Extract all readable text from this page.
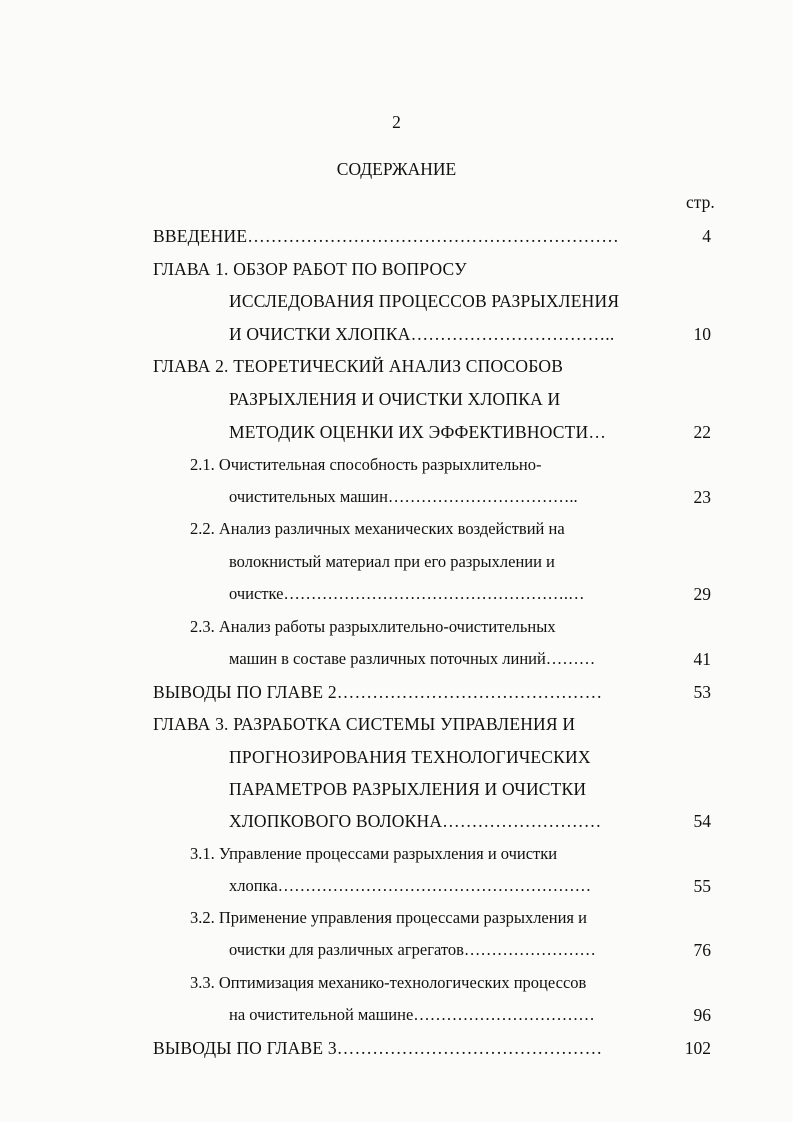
2
СОДЕРЖАНИЕ
стр.
ВВЕДЕНИЕ………………………………………………………	4
ГЛАВА 1. ОБЗОР РАБОТ ПО ВОПРОСУ
ИССЛЕДОВАНИЯ ПРОЦЕССОВ РАЗРЫХЛЕНИЯ
И ОЧИСТКИ ХЛОПКА……………………………..	10
ГЛАВА 2. ТЕОРЕТИЧЕСКИЙ АНАЛИЗ СПОСОБОВ
РАЗРЫХЛЕНИЯ И ОЧИСТКИ ХЛОПКА И
МЕТОДИК ОЦЕНКИ ИХ ЭФФЕКТИВНОСТИ…	22
2.1. Очистительная способность разрыхлительно-
очистительных машин……………………………..	23
2.2. Анализ различных механических воздействий на
волокнистый материал при его разрыхлении и
очистке…………………………………………….…	29
2.3. Анализ работы разрыхлительно-очистительных
машин в составе различных поточных линий………	41
ВЫВОДЫ ПО ГЛАВЕ 2………………………………………	53
ГЛАВА 3. РАЗРАБОТКА СИСТЕМЫ УПРАВЛЕНИЯ И
ПРОГНОЗИРОВАНИЯ ТЕХНОЛОГИЧЕСКИХ
ПАРАМЕТРОВ РАЗРЫХЛЕНИЯ И ОЧИСТКИ
ХЛОПКОВОГО ВОЛОКНА………………………	54
3.1. Управление процессами разрыхления и очистки
хлопка…………………………………………………	55
3.2. Применение управления процессами разрыхления и
очистки для различных агрегатов……………………	76
3.3. Оптимизация механико-технологических процессов
на очистительной машине……………………………	96
ВЫВОДЫ ПО ГЛАВЕ 3………………………………………	102
